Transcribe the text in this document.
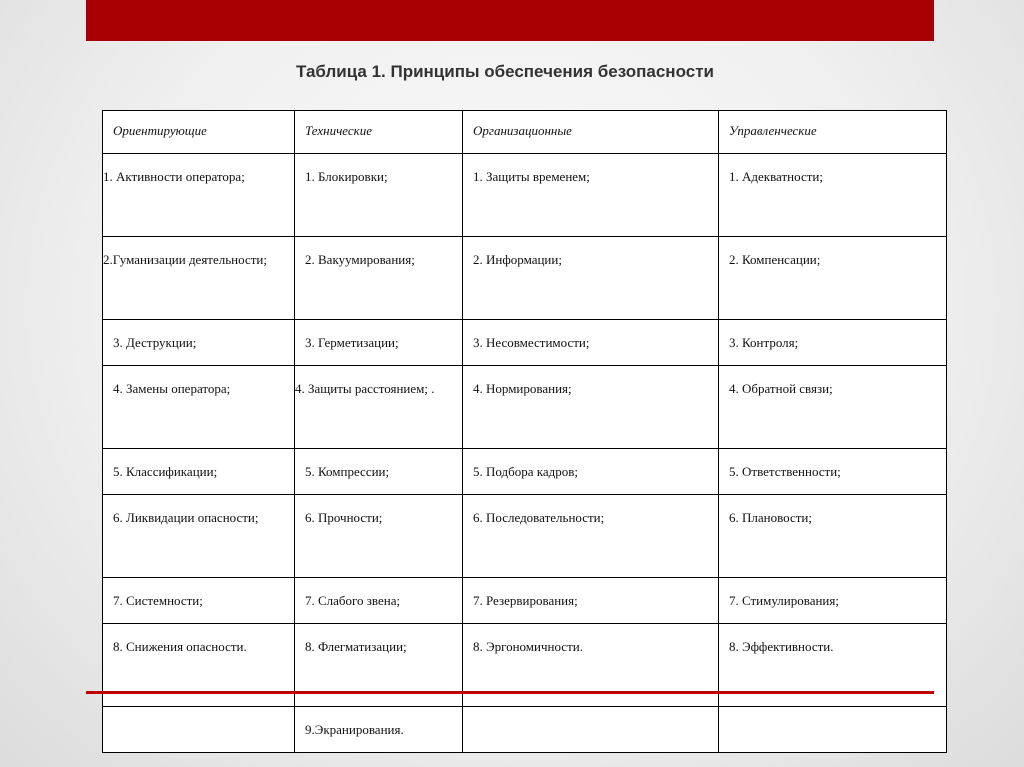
Таблица 1. Принципы обеспечения безопасности
Ориентирующие	Технические	Организационные	Управленческие
1. Активности оператора;	1. Блокировки;	1. Защиты временем;	1. Адекватности;
2.Гуманизации деятельности;	2. Вакуумирования;	2. Информации;	2. Компенсации;
3. Деструкции;	3. Герметизации;	3. Несовместимости;	3. Контроля;
4. Замены оператора;	4. Защиты расстоянием; .	4. Нормирования;	4. Обратной связи;
5. Классификации;	5. Компрессии;	5. Подбора кадров;	5. Ответственности;
6. Ликвидации опасности;	6. Прочности;	6. Последовательности;	6. Плановости;
7. Системности;	7. Слабого звена;	7. Резервирования;	7. Стимулирования;
8. Снижения опасности.	8. Флегматизации;	8. Эргономичности.	8. Эффективности.
	9.Экранирования.		
